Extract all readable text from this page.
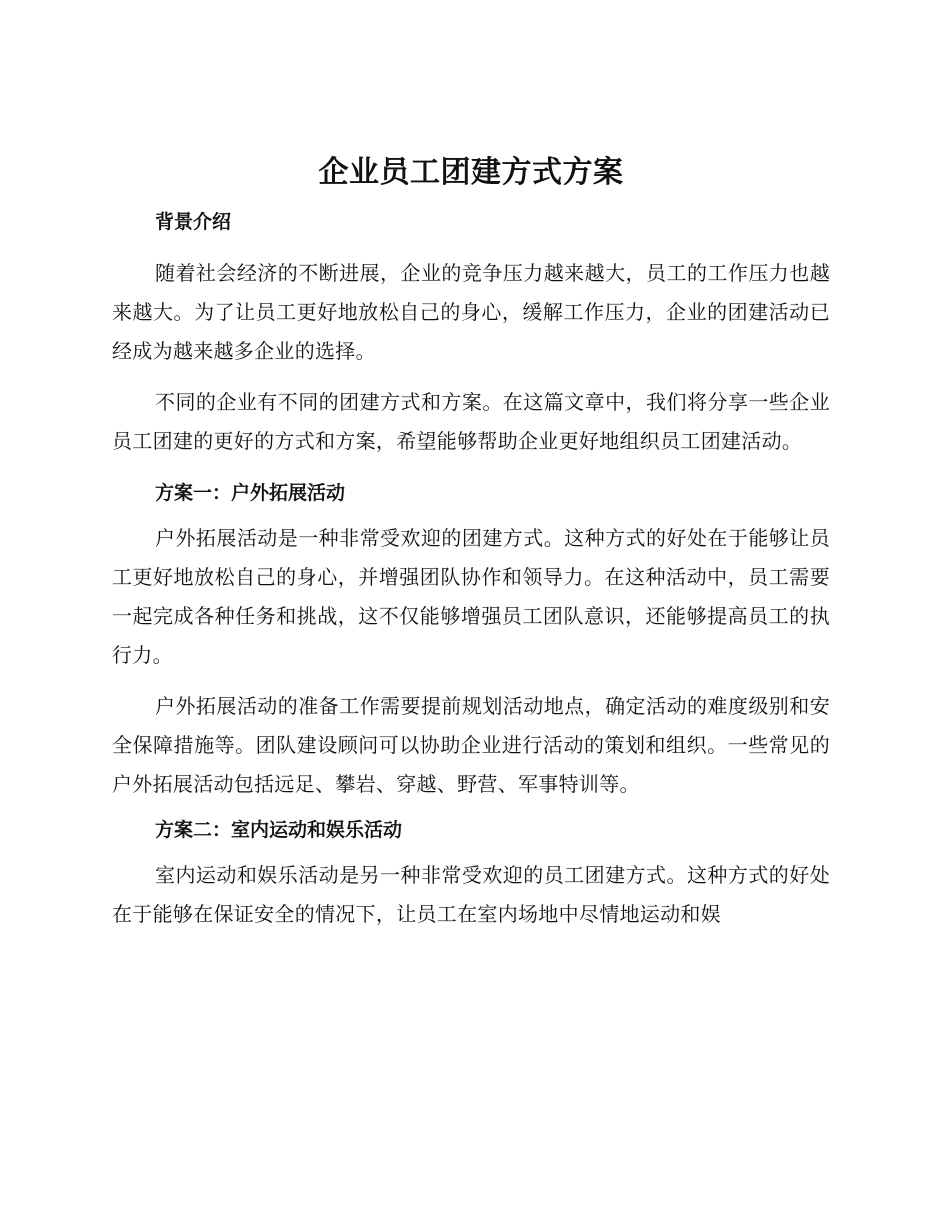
企业员工团建方式方案
背景介绍

随着社会经济的不断进展，企业的竞争压力越来越大，员工的工作压力也越来越大。为了让员工更好地放松自己的身心，缓解工作压力，企业的团建活动已经成为越来越多企业的选择。

不同的企业有不同的团建方式和方案。在这篇文章中，我们将分享一些企业员工团建的更好的方式和方案，希望能够帮助企业更好地组织员工团建活动。

方案一：户外拓展活动

户外拓展活动是一种非常受欢迎的团建方式。这种方式的好处在于能够让员工更好地放松自己的身心，并增强团队协作和领导力。在这种活动中，员工需要一起完成各种任务和挑战，这不仅能够增强员工团队意识，还能够提高员工的执行力。

户外拓展活动的准备工作需要提前规划活动地点，确定活动的难度级别和安全保障措施等。团队建设顾问可以协助企业进行活动的策划和组织。一些常见的户外拓展活动包括远足、攀岩、穿越、野营、军事特训等。

方案二：室内运动和娱乐活动

室内运动和娱乐活动是另一种非常受欢迎的员工团建方式。这种方式的好处在于能够在保证安全的情况下，让员工在室内场地中尽情地运动和娱
